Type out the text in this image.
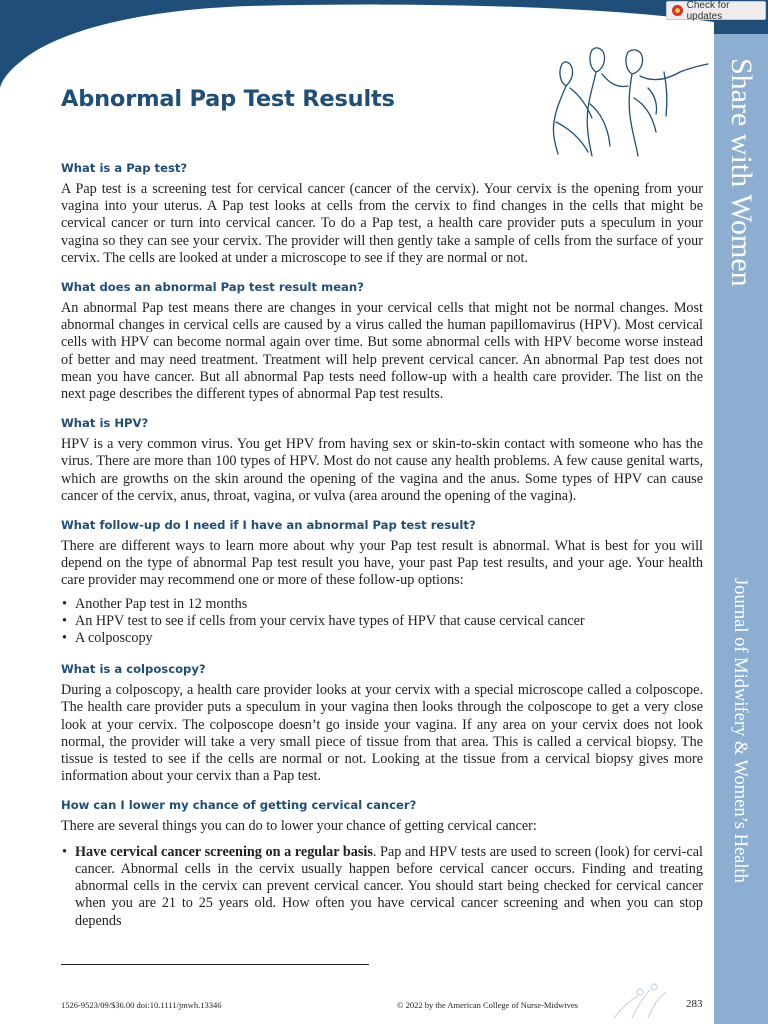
Check for updates
Share with Women
Journal of Midwifery & Women’s Health
Abnormal Pap Test Results
What is a Pap test?

A Pap test is a screening test for cervical cancer (cancer of the cervix). Your cervix is the opening from your vagina into your uterus. A Pap test looks at cells from the cervix to find changes in the cells that might be cervical cancer or turn into cervical cancer. To do a Pap test, a health care provider puts a speculum in your vagina so they can see your cervix. The provider will then gently take a sample of cells from the surface of your cervix. The cells are looked at under a microscope to see if they are normal or not.

What does an abnormal Pap test result mean?

An abnormal Pap test means there are changes in your cervical cells that might not be normal changes. Most abnormal changes in cervical cells are caused by a virus called the human papillomavirus (HPV). Most cervical cells with HPV can become normal again over time. But some abnormal cells with HPV become worse instead of better and may need treatment. Treatment will help prevent cervical cancer. An abnormal Pap test does not mean you have cancer. But all abnormal Pap tests need follow-up with a health care provider. The list on the next page describes the different types of abnormal Pap test results.

What is HPV?

HPV is a very common virus. You get HPV from having sex or skin-to-skin contact with someone who has the virus. There are more than 100 types of HPV. Most do not cause any health problems. A few cause genital warts, which are growths on the skin around the opening of the vagina and the anus. Some types of HPV can cause cancer of the cervix, anus, throat, vagina, or vulva (area around the opening of the vagina).

What follow-up do I need if I have an abnormal Pap test result?

There are different ways to learn more about why your Pap test result is abnormal. What is best for you will depend on the type of abnormal Pap test result you have, your past Pap test results, and your age. Your health care provider may recommend one or more of these follow-up options:

• Another Pap test in 12 months
• An HPV test to see if cells from your cervix have types of HPV that cause cervical cancer
• A colposcopy
What is a colposcopy?

During a colposcopy, a health care provider looks at your cervix with a special microscope called a colposcope. The health care provider puts a speculum in your vagina then looks through the colposcope to get a very close look at your cervix. The colposcope doesn’t go inside your vagina. If any area on your cervix does not look normal, the provider will take a very small piece of tissue from that area. This is called a cervical biopsy. The tissue is tested to see if the cells are normal or not. Looking at the tissue from a cervical biopsy gives more information about your cervix than a Pap test.

How can I lower my chance of getting cervical cancer?

There are several things you can do to lower your chance of getting cervical cancer:

• Have cervical cancer screening on a regular basis. Pap and HPV tests are used to screen (look) for cervi-cal cancer. Abnormal cells in the cervix usually happen before cervical cancer occurs. Finding and treating abnormal cells in the cervix can prevent cervical cancer. You should start being checked for cervical cancer when you are 21 to 25 years old. How often you have cervical cancer screening and when you can stop depends
1526-9523/09/$36.00 doi:10.1111/jmwh.13346	© 2022 by the American College of Nurse-Midwives	283
